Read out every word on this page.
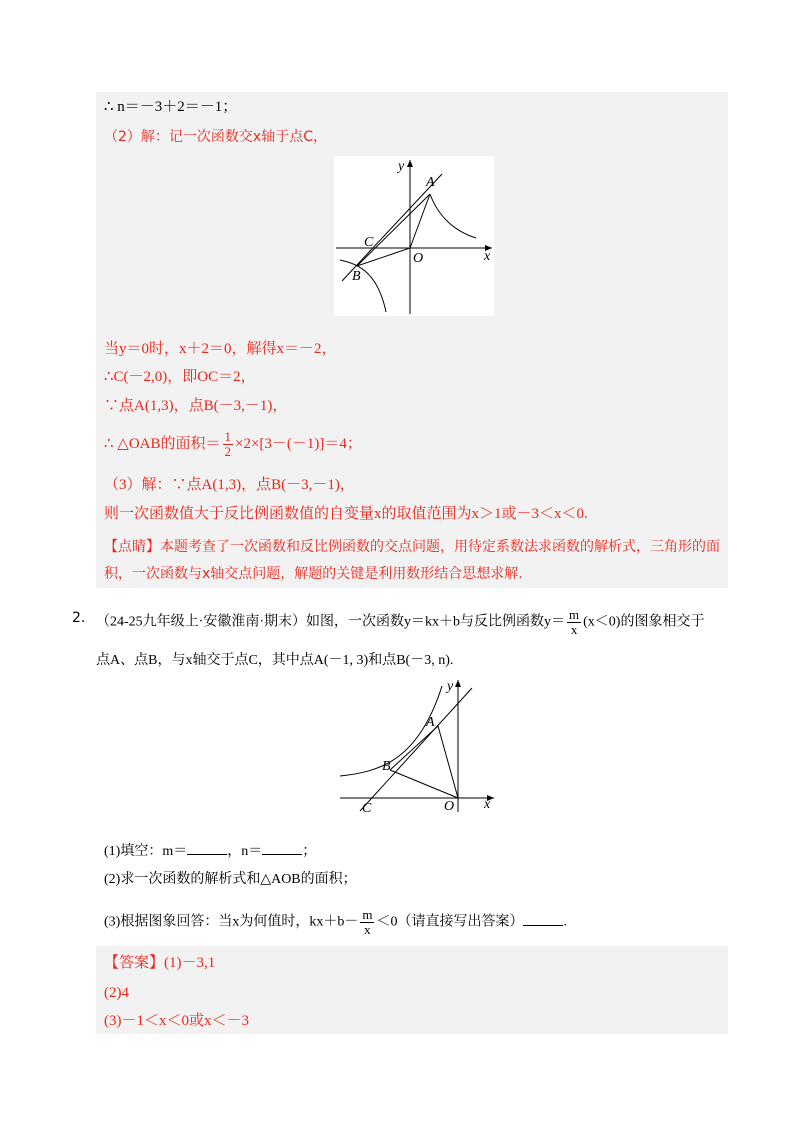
∴ n＝－3＋2＝－1；
（2）解：记一次函数交x轴于点C，
y
x
A
B
C
O
当y＝0时，x＋2＝0，解得x＝－2，
∴C(－2,0)，即OC＝2，
∵点A(1,3)，点B(－3,－1)，
∴ △OAB的面积＝ $\frac{1}{2} \times 2\times[3-(-1)]=4$；
（3）解：∵点A(1,3)，点B(－3,－1)，
则一次函数值大于反比例函数值的自变量x的取值范围为x＞1或－3＜x＜0.
【点睛】本题考查了一次函数和反比例函数的交点问题，用待定系数法求函数的解析式，三角形的面
积，一次函数与x轴交点问题，解题的关键是利用数形结合思想求解.
2. （24-25九年级上·安徽淮南·期末）如图，一次函数y＝kx＋b与反比例函数$y= \frac{m}{x} (x<0)$的图象相交于
点A、点B，与x轴交于点C，其中点A(－1, 3)和点B(－3, n).
y
x
A
B
C	O
(1)填空：m＝	，n＝	；
(2)求一次函数的解析式和△AOB的面积；
(3)根据图象回答：当x为何值时，$kx+b- \frac{m}{x} <0$（请直接写出答案）	.
【答案】(1)－3,1
(2)4
(3)－1＜x＜0或x＜－3
